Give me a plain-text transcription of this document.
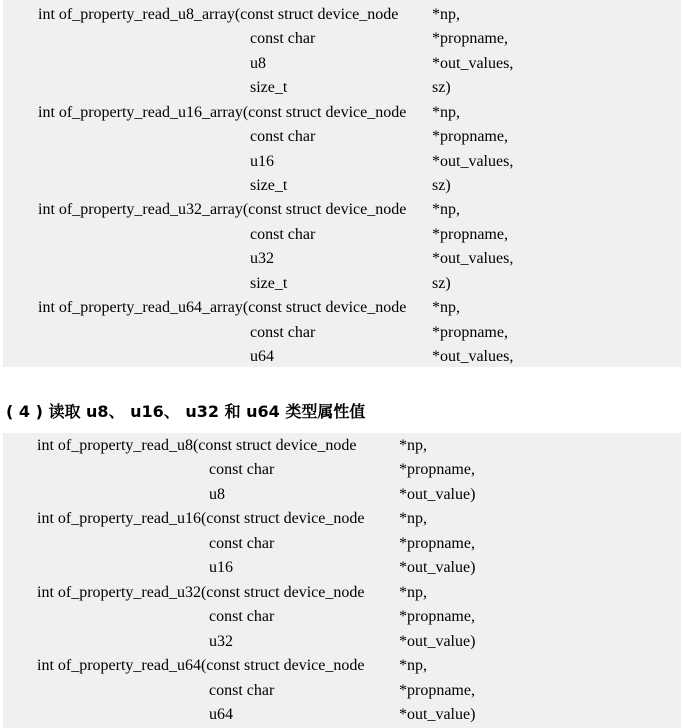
int of_property_read_u8_array(const struct device_node *np,
const char	*propname,
u8	*out_values,
size_t	sz)
int of_property_read_u16_array(const struct device_node *np,
const char	*propname,
u16	*out_values,
size_t	sz)
int of_property_read_u32_array(const struct device_node *np,
const char	*propname,
u32	*out_values,
size_t	sz)
int of_property_read_u64_array(const struct device_node *np,
const char	*propname,
u64	*out_values,
( 4 ) 读取 u8、 u16、 u32 和 u64 类型属性值
int of_property_read_u8(const struct device_node	*np,
const char	*propname,
u8	*out_value)
int of_property_read_u16(const struct device_node *np,
const char	*propname,
u16	*out_value)
int of_property_read_u32(const struct device_node *np,
const char	*propname,
u32	*out_value)
int of_property_read_u64(const struct device_node *np,
const char	*propname,
u64	*out_value)
